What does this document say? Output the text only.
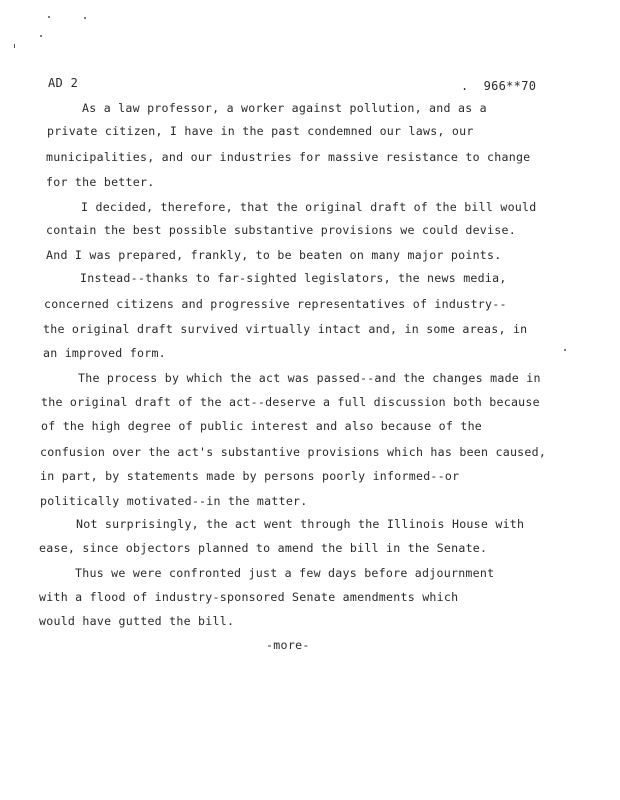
AD 2	.  966**70
As a law professor, a worker against pollution, and as a
private citizen, I have in the past condemned our laws, our
municipalities, and our industries for massive resistance to change
for the better.
I decided, therefore, that the original draft of the bill would
contain the best possible substantive provisions we could devise.
And I was prepared, frankly, to be beaten on many major points.
Instead--thanks to far-sighted legislators, the news media,
concerned citizens and progressive representatives of industry--
the original draft survived virtually intact and, in some areas, in
an improved form.
The process by which the act was passed--and the changes made in
the original draft of the act--deserve a full discussion both because
of the high degree of public interest and also because of the
confusion over the act's substantive provisions which has been caused,
in part, by statements made by persons poorly informed--or
politically motivated--in the matter.
Not surprisingly, the act went through the Illinois House with
ease, since objectors planned to amend the bill in the Senate.
Thus we were confronted just a few days before adjournment
with a flood of industry-sponsored Senate amendments which
would have gutted the bill.
-more-
